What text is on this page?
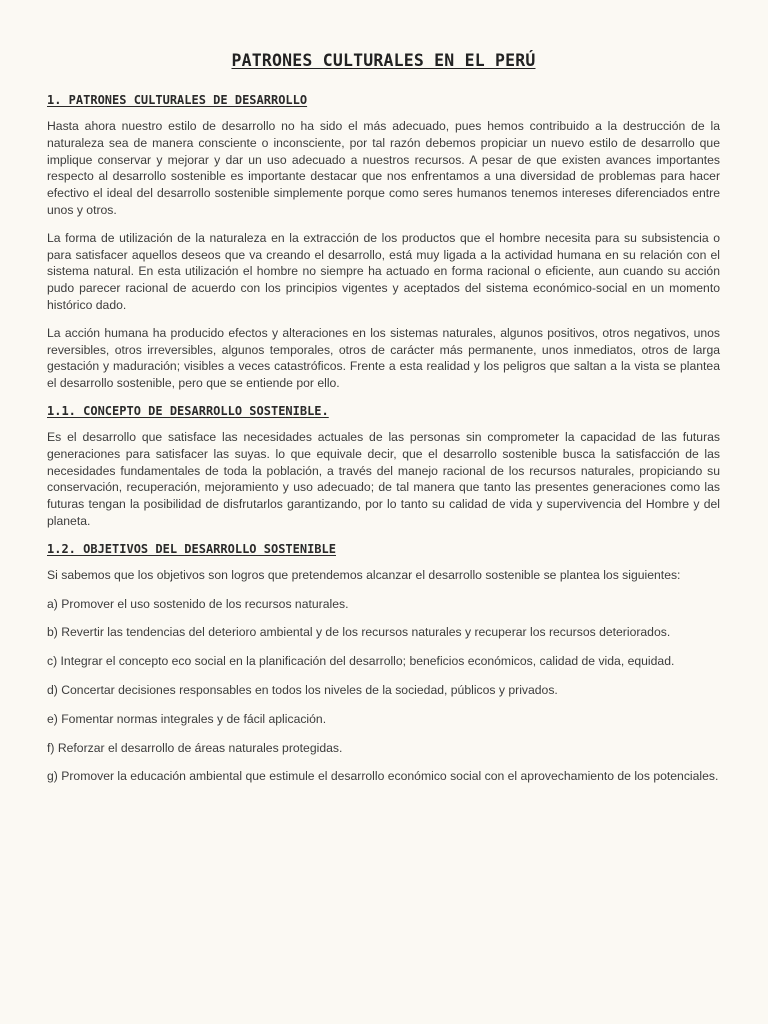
PATRONES CULTURALES EN EL PERÚ
1. PATRONES CULTURALES DE DESARROLLO

Hasta ahora nuestro estilo de desarrollo no ha sido el más adecuado, pues hemos contribuido a la destrucción de la naturaleza sea de manera consciente o inconsciente, por tal razón debemos propiciar un nuevo estilo de desarrollo que implique conservar y mejorar y dar un uso adecuado a nuestros recursos. A pesar de que existen avances importantes respecto al desarrollo sostenible es importante destacar que nos enfrentamos a una diversidad de problemas para hacer efectivo el ideal del desarrollo sostenible simplemente porque como seres humanos tenemos intereses diferenciados entre unos y otros.

La forma de utilización de la naturaleza en la extracción de los productos que el hombre necesita para su subsistencia o para satisfacer aquellos deseos que va creando el desarrollo, está muy ligada a la actividad humana en su relación con el sistema natural. En esta utilización el hombre no siempre ha actuado en forma racional o eficiente, aun cuando su acción pudo parecer racional de acuerdo con los principios vigentes y aceptados del sistema económico-social en un momento histórico dado.

La acción humana ha producido efectos y alteraciones en los sistemas naturales, algunos positivos, otros negativos, unos reversibles, otros irreversibles, algunos temporales, otros de carácter más permanente, unos inmediatos, otros de larga gestación y maduración; visibles a veces catastróficos. Frente a esta realidad y los peligros que saltan a la vista se plantea el desarrollo sostenible, pero que se entiende por ello.

1.1. CONCEPTO DE DESARROLLO SOSTENIBLE.

Es el desarrollo que satisface las necesidades actuales de las personas sin comprometer la capacidad de las futuras generaciones para satisfacer las suyas. lo que equivale decir, que el desarrollo sostenible busca la satisfacción de las necesidades fundamentales de toda la población, a través del manejo racional de los recursos naturales, propiciando su conservación, recuperación, mejoramiento y uso adecuado; de tal manera que tanto las presentes generaciones como las futuras tengan la posibilidad de disfrutarlos garantizando, por lo tanto su calidad de vida y supervivencia del Hombre y del planeta.

1.2. OBJETIVOS DEL DESARROLLO SOSTENIBLE

Si sabemos que los objetivos son logros que pretendemos alcanzar el desarrollo sostenible se plantea los siguientes:

a) Promover el uso sostenido de los recursos naturales.
b) Revertir las tendencias del deterioro ambiental y de los recursos naturales y recuperar los recursos deteriorados.
c) Integrar el concepto eco social en la planificación del desarrollo; beneficios económicos, calidad de vida, equidad.
d) Concertar decisiones responsables en todos los niveles de la sociedad, públicos y privados.
e) Fomentar normas integrales y de fácil aplicación.
f) Reforzar el desarrollo de áreas naturales protegidas.
g) Promover la educación ambiental que estimule el desarrollo económico social con el aprovechamiento de los potenciales.
